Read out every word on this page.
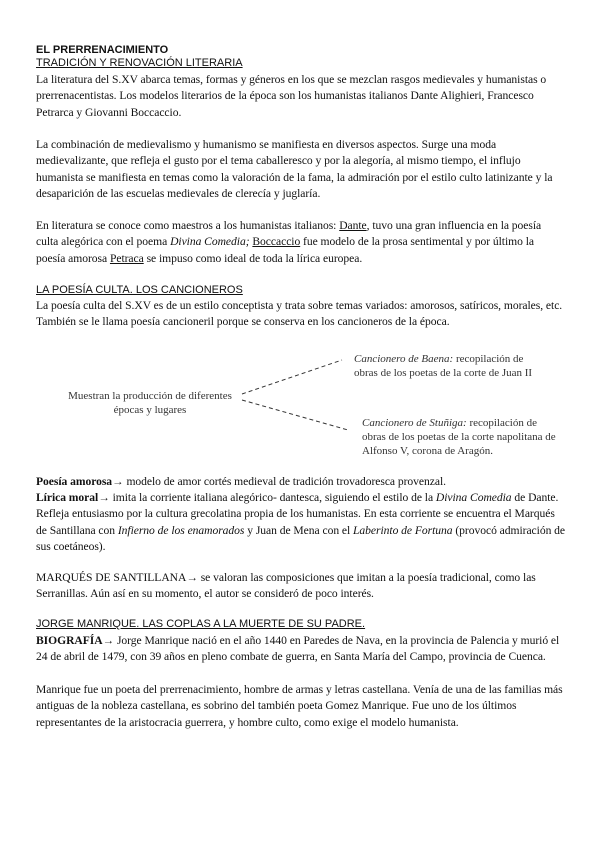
EL PRERRENACIMIENTO
TRADICIÓN Y RENOVACIÓN LITERARIA

La literatura del S.XV abarca temas, formas y géneros en los que se mezclan rasgos medievales y humanistas o prerrenacentistas. Los modelos literarios de la época son los humanistas italianos Dante Alighieri, Francesco Petrarca y Giovanni Boccaccio.

La combinación de medievalismo y humanismo se manifiesta en diversos aspectos. Surge una moda medievalizante, que refleja el gusto por el tema caballeresco y por la alegoría, al mismo tiempo, el influjo humanista se manifiesta en temas como la valoración de la fama, la admiración por el estilo culto latinizante y la desaparición de las escuelas medievales de clerecía y juglaría.

En literatura se conoce como maestros a los humanistas italianos: Dante, tuvo una gran influencia en la poesía culta alegórica con el poema Divina Comedia; Boccaccio fue modelo de la prosa sentimental y por último la poesía amorosa Petraca se impuso como ideal de toda la lírica europea.

LA POESÍA CULTA. LOS CANCIONEROS

La poesía culta del S.XV es de un estilo conceptista y trata sobre temas variados: amorosos, satíricos, morales, etc. También se le llama poesía cancioneril porque se conserva en los cancioneros de la época.

Muestran la producción de diferentes
épocas y lugares
Cancionero de Baena: recopilación de
obras de los poetas de la corte de Juan II
Cancionero de Stuñiga: recopilación de
obras de los poetas de la corte napolitana de
Alfonso V, corona de Aragón.

Poesía amorosa→ modelo de amor cortés medieval de tradición trovadoresca provenzal.

Lírica moral→ imita la corriente italiana alegórico- dantesca, siguiendo el estilo de la Divina Comedia de Dante. Refleja entusiasmo por la cultura grecolatina propia de los humanistas. En esta corriente se encuentra el Marqués de Santillana con Infierno de los enamorados y Juan de Mena con el Laberinto de Fortuna (provocó admiración de sus coetáneos).

MARQUÉS DE SANTILLANA→ se valoran las composiciones que imitan a la poesía tradicional, como las Serranillas. Aún así en su momento, el autor se consideró de poco interés.

JORGE MANRIQUE. LAS COPLAS A LA MUERTE DE SU PADRE.

BIOGRAFÍA→ Jorge Manrique nació en el año 1440 en Paredes de Nava, en la provincia de Palencia y murió el 24 de abril de 1479, con 39 años en pleno combate de guerra, en Santa María del Campo, provincia de Cuenca.

Manrique fue un poeta del prerrenacimiento, hombre de armas y letras castellana. Venía de una de las familias más antiguas de la nobleza castellana, es sobrino del también poeta Gomez Manrique. Fue uno de los últimos representantes de la aristocracia guerrera, y hombre culto, como exige el modelo humanista.
